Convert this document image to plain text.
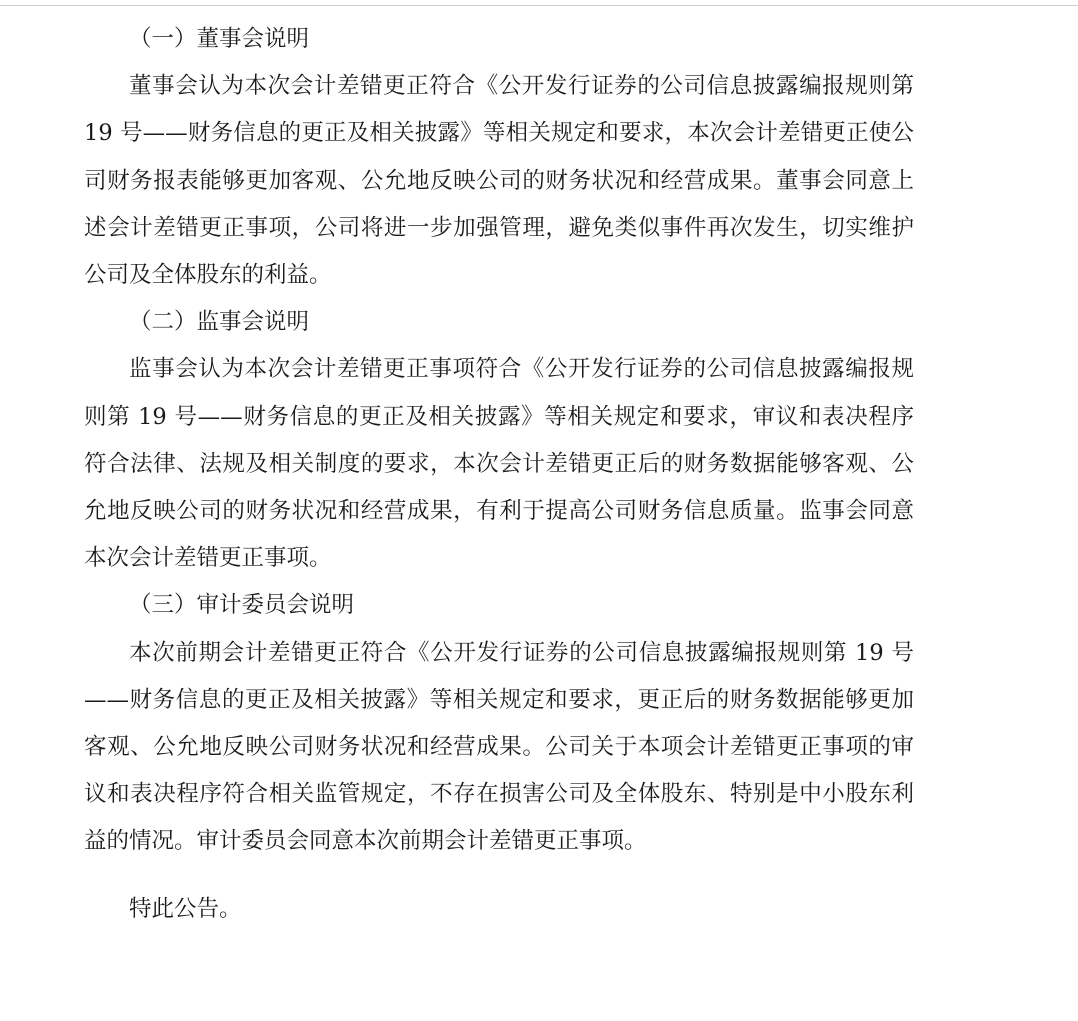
（一）董事会说明

董事会认为本次会计差错更正符合《公开发行证券的公司信息披露编报规则第 19 号——财务信息的更正及相关披露》等相关规定和要求，本次会计差错更正使公司财务报表能够更加客观、公允地反映公司的财务状况和经营成果。董事会同意上述会计差错更正事项，公司将进一步加强管理，避免类似事件再次发生，切实维护公司及全体股东的利益。

（二）监事会说明

监事会认为本次会计差错更正事项符合《公开发行证券的公司信息披露编报规则第 19 号——财务信息的更正及相关披露》等相关规定和要求，审议和表决程序符合法律、法规及相关制度的要求，本次会计差错更正后的财务数据能够客观、公允地反映公司的财务状况和经营成果，有利于提高公司财务信息质量。监事会同意本次会计差错更正事项。

（三）审计委员会说明

本次前期会计差错更正符合《公开发行证券的公司信息披露编报规则第 19 号——财务信息的更正及相关披露》等相关规定和要求，更正后的财务数据能够更加客观、公允地反映公司财务状况和经营成果。公司关于本项会计差错更正事项的审议和表决程序符合相关监管规定，不存在损害公司及全体股东、特别是中小股东利益的情况。审计委员会同意本次前期会计差错更正事项。

特此公告。
